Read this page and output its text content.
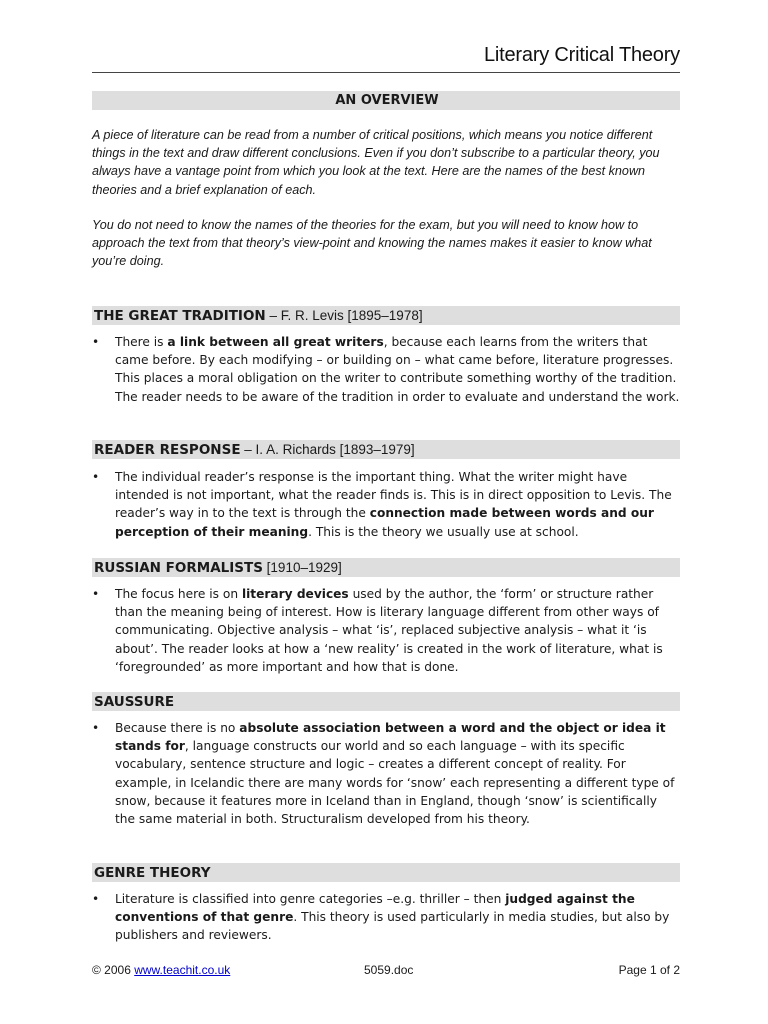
Literary Critical Theory
AN OVERVIEW

A piece of literature can be read from a number of critical positions, which means you notice different things in the text and draw different conclusions. Even if you don’t subscribe to a particular theory, you always have a vantage point from which you look at the text. Here are the names of the best known theories and a brief explanation of each.

You do not need to know the names of the theories for the exam, but you will need to know how to approach the text from that theory’s view-point and knowing the names makes it easier to know what you’re doing.

THE GREAT TRADITION – F. R. Levis [1895–1978]
•	There is a link between all great writers, because each learns from the writers that came before. By each modifying – or building on – what came before, literature progresses. This places a moral obligation on the writer to contribute something worthy of the tradition. The reader needs to be aware of the tradition in order to evaluate and understand the work.
READER RESPONSE – I. A. Richards [1893–1979]
•	The individual reader’s response is the important thing. What the writer might have intended is not important, what the reader finds is. This is in direct opposition to Levis. The reader’s way in to the text is through the connection made between words and our perception of their meaning. This is the theory we usually use at school.
RUSSIAN FORMALISTS [1910–1929]
•	The focus here is on literary devices used by the author, the ‘form’ or structure rather than the meaning being of interest. How is literary language different from other ways of communicating. Objective analysis – what ‘is’, replaced subjective analysis – what it ‘is about’. The reader looks at how a ‘new reality’ is created in the work of literature, what is ‘foregrounded’ as more important and how that is done.
SAUSSURE
•	Because there is no absolute association between a word and the object or idea it stands for, language constructs our world and so each language – with its specific vocabulary, sentence structure and logic – creates a different concept of reality. For example, in Icelandic there are many words for ‘snow’ each representing a different type of snow, because it features more in Iceland than in England, though ‘snow’ is scientifically the same material in both. Structuralism developed from his theory.
GENRE THEORY
•	Literature is classified into genre categories –e.g. thriller – then judged against the conventions of that genre. This theory is used particularly in media studies, but also by publishers and reviewers.
© 2006 www.teachit.co.uk	5059.doc	Page 1 of 2
